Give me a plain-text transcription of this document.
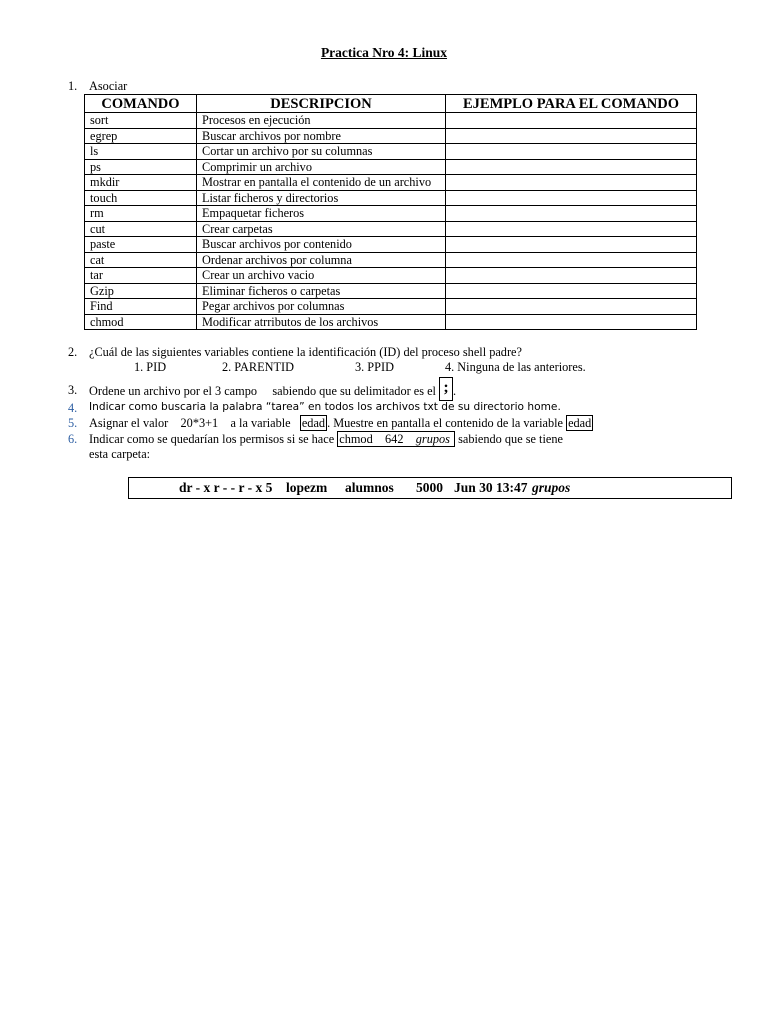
Practica Nro 4: Linux
1. Asociar
COMANDO	DESCRIPCION	EJEMPLO PARA EL COMANDO
sort	Procesos en ejecución	
egrep	Buscar archivos por nombre	
ls	Cortar un archivo por su columnas	
ps	Comprimir un archivo	
mkdir	Mostrar en pantalla el contenido de un archivo	
touch	Listar ficheros y directorios	
rm	Empaquetar ficheros	
cut	Crear carpetas	
paste	Buscar archivos por contenido	
cat	Ordenar archivos por columna	
tar	Crear un archivo vacio	
Gzip	Eliminar ficheros o carpetas	
Find	Pegar archivos por columnas	
chmod	Modificar atrributos de los archivos	
2. ¿Cuál de las siguientes variables contiene la identificación (ID) del proceso shell padre?
1. PID	2. PARENTID	3. PPID	4. Ninguna de las anteriores.
3. Ordene un archivo por el 3 campo sabiendo que su delimitador es el ; .
4.	Indicar como buscaria la palabra “tarea” en todos los archivos txt de su directorio home.
5. Asignar el valor 20*3+1 a la variable edad . Muestre en pantalla el contenido de la variable edad
6. Indicar como se quedarían los permisos si se hace chmod 642 grupos sabiendo que se tiene
esta carpeta:
dr - x r - - r - x 5 lopezm alumnos 5000 Jun 30 13:47 grupos
